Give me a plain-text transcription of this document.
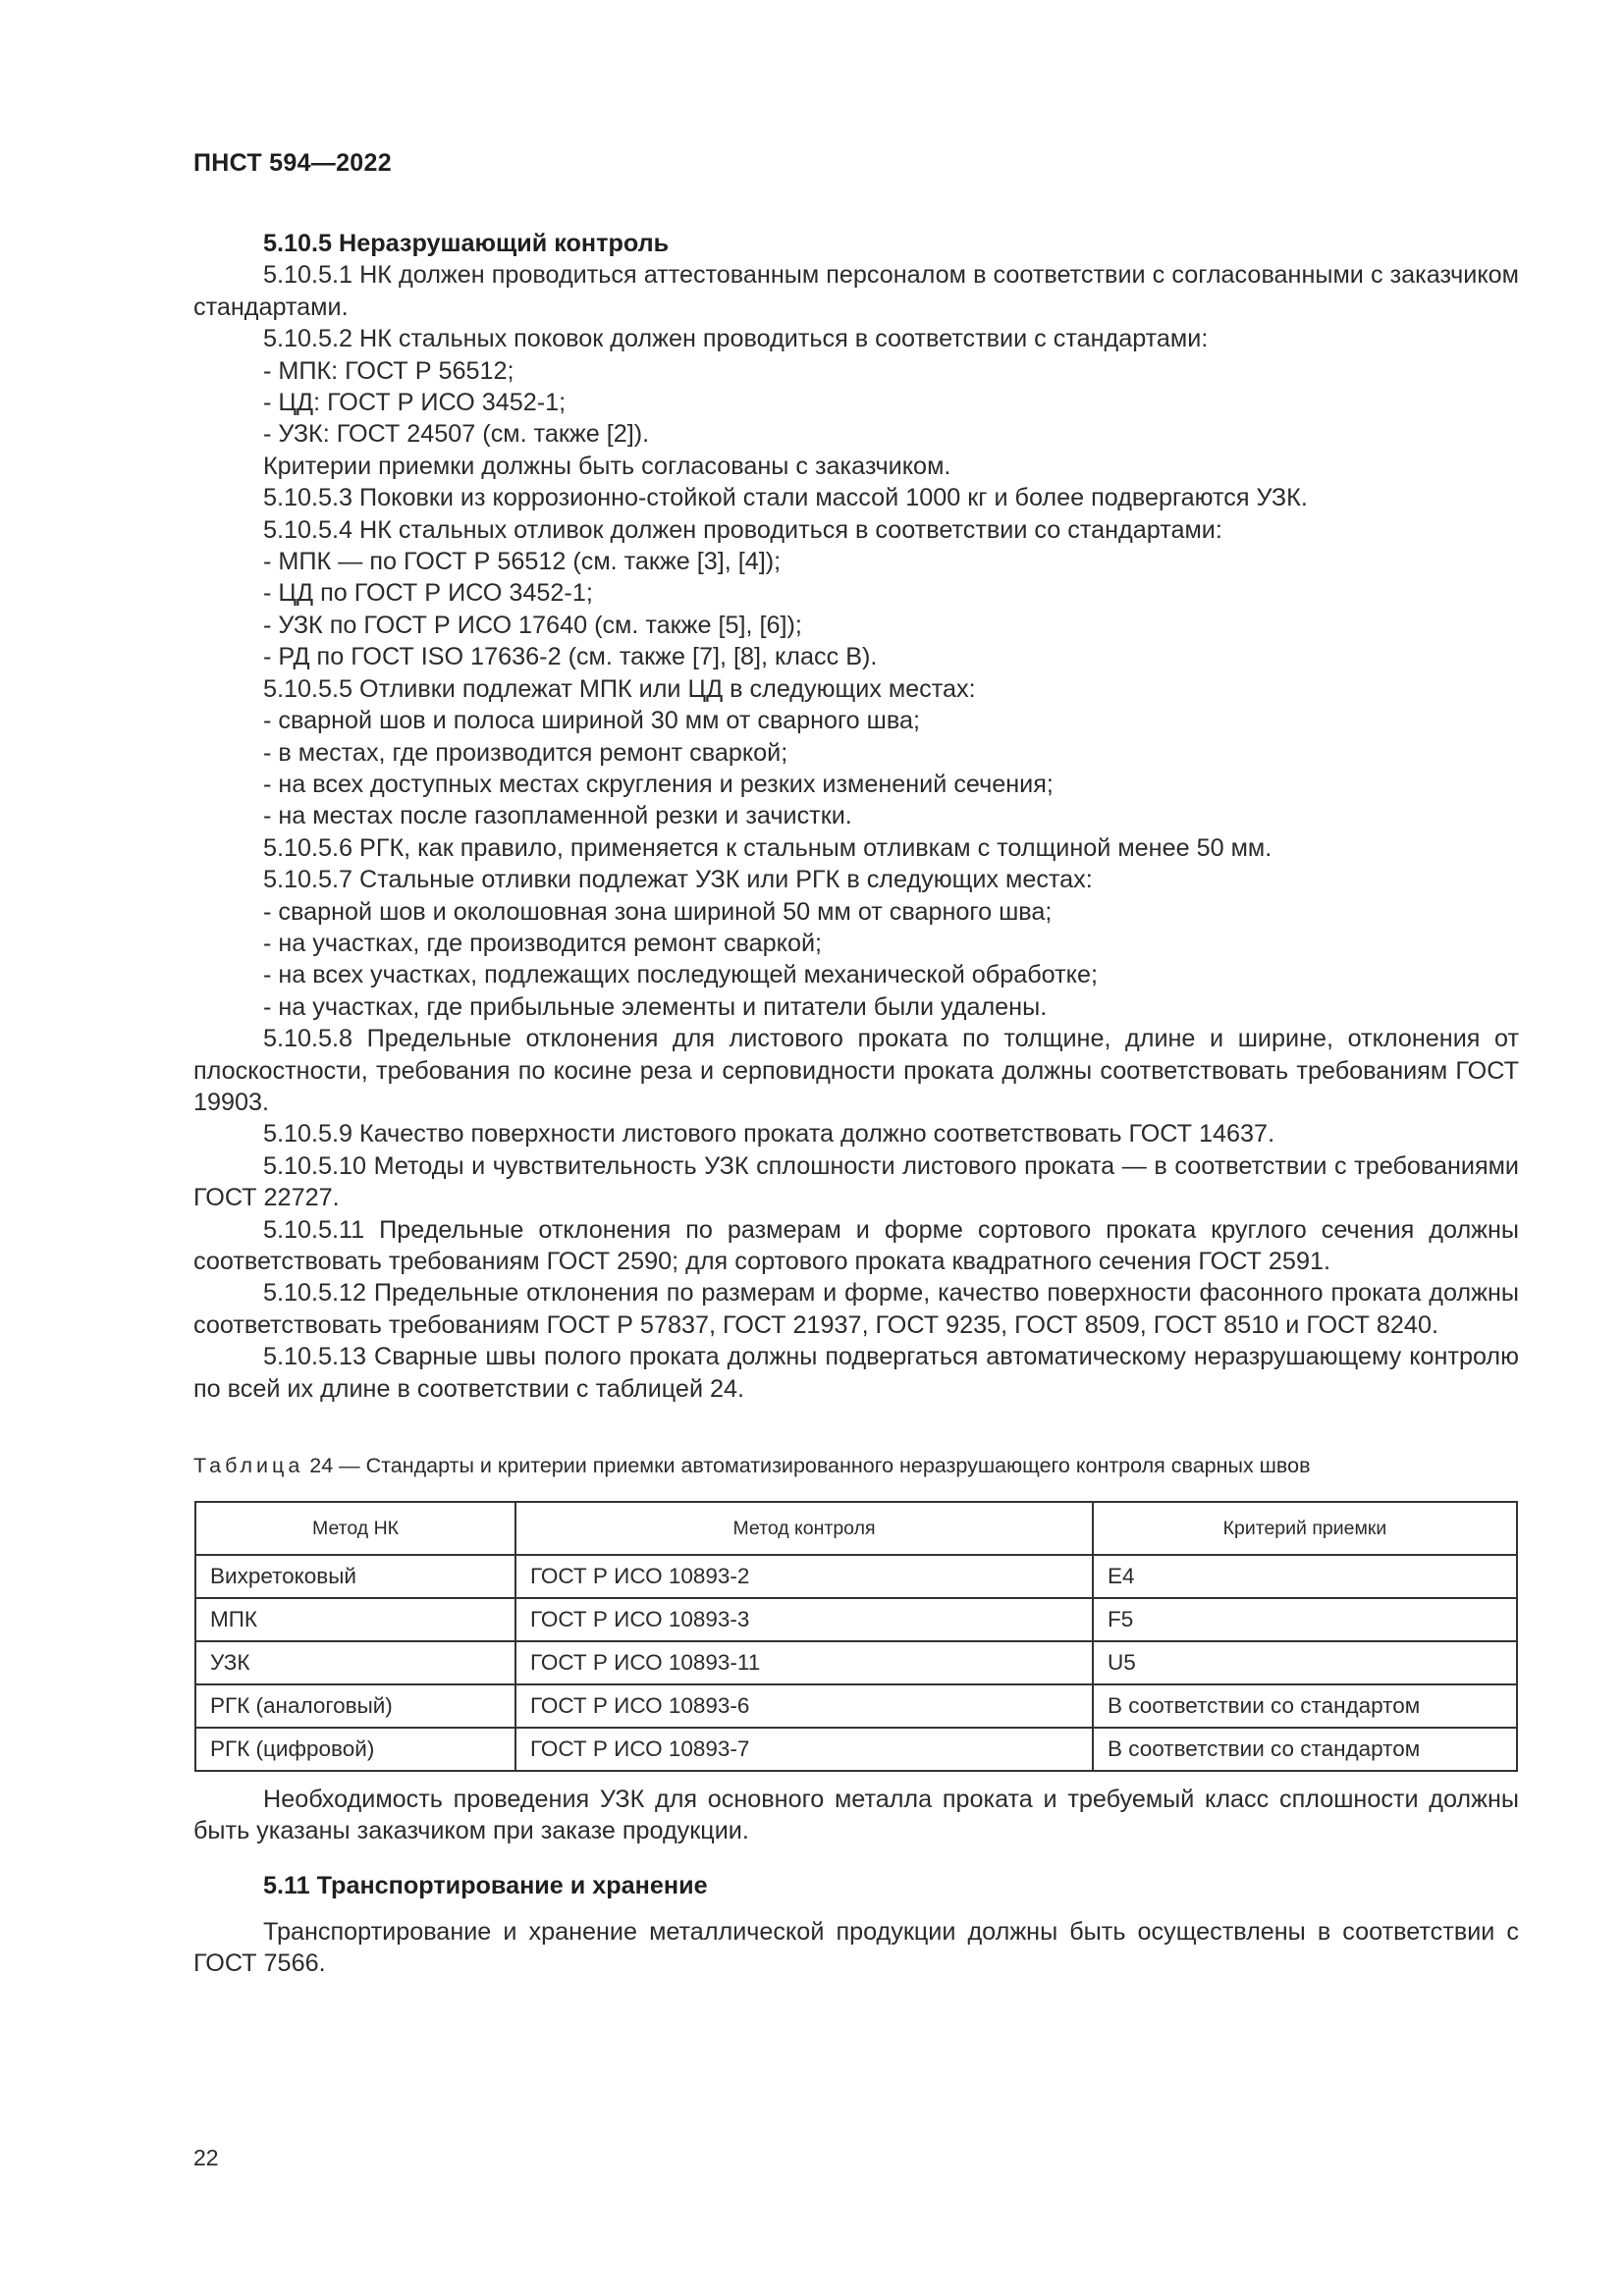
ПНСТ 594—2022

5.10.5 Неразрушающий контроль

5.10.5.1 НК должен проводиться аттестованным персоналом в соответствии с согласованными с заказчиком стандартами.

5.10.5.2 НК стальных поковок должен проводиться в соответствии с стандартами:

- МПК: ГОСТ Р 56512;

- ЦД: ГОСТ Р ИСО 3452-1;

- УЗК: ГОСТ 24507 (см. также [2]).

Критерии приемки должны быть согласованы с заказчиком.

5.10.5.3 Поковки из коррозионно-стойкой стали массой 1000 кг и более подвергаются УЗК.

5.10.5.4 НК стальных отливок должен проводиться в соответствии со стандартами:

- МПК — по ГОСТ Р 56512 (см. также [3], [4]);

- ЦД по ГОСТ Р ИСО 3452-1;

- УЗК по ГОСТ Р ИСО 17640 (см. также [5], [6]);

- РД по ГОСТ ISO 17636-2 (см. также [7], [8], класс В).

5.10.5.5 Отливки подлежат МПК или ЦД в следующих местах:

- сварной шов и полоса шириной 30 мм от сварного шва;

- в местах, где производится ремонт сваркой;

- на всех доступных местах скругления и резких изменений сечения;

- на местах после газопламенной резки и зачистки.

5.10.5.6 РГК, как правило, применяется к стальным отливкам с толщиной менее 50 мм.

5.10.5.7 Стальные отливки подлежат УЗК или РГК в следующих местах:

- сварной шов и околошовная зона шириной 50 мм от сварного шва;

- на участках, где производится ремонт сваркой;

- на всех участках, подлежащих последующей механической обработке;

- на участках, где прибыльные элементы и питатели были удалены.

5.10.5.8 Предельные отклонения для листового проката по толщине, длине и ширине, отклонения от плоскостности, требования по косине реза и серповидности проката должны соответствовать требованиям ГОСТ 19903.

5.10.5.9 Качество поверхности листового проката должно соответствовать ГОСТ 14637.

5.10.5.10 Методы и чувствительность УЗК сплошности листового проката — в соответствии с требованиями ГОСТ 22727.

5.10.5.11 Предельные отклонения по размерам и форме сортового проката круглого сечения должны соответствовать требованиям ГОСТ 2590; для сортового проката квадратного сечения ГОСТ 2591.

5.10.5.12 Предельные отклонения по размерам и форме, качество поверхности фасонного проката должны соответствовать требованиям ГОСТ Р 57837, ГОСТ 21937, ГОСТ 9235, ГОСТ 8509, ГОСТ 8510 и ГОСТ 8240.

5.10.5.13 Сварные швы полого проката должны подвергаться автоматическому неразрушающему контролю по всей их длине в соответствии с таблицей 24.

Таблица 24 — Стандарты и критерии приемки автоматизированного неразрушающего контроля сварных швов
Метод НК	Метод контроля	Критерий приемки
Вихретоковый	ГОСТ Р ИСО 10893-2	E4
МПК	ГОСТ Р ИСО 10893-3	F5
УЗК	ГОСТ Р ИСО 10893-11	U5
РГК (аналоговый)	ГОСТ Р ИСО 10893-6	В соответствии со стандартом
РГК (цифровой)	ГОСТ Р ИСО 10893-7	В соответствии со стандартом

Необходимость проведения УЗК для основного металла проката и требуемый класс сплошности должны быть указаны заказчиком при заказе продукции.

5.11 Транспортирование и хранение

Транспортирование и хранение металлической продукции должны быть осуществлены в соответствии с ГОСТ 7566.

22
